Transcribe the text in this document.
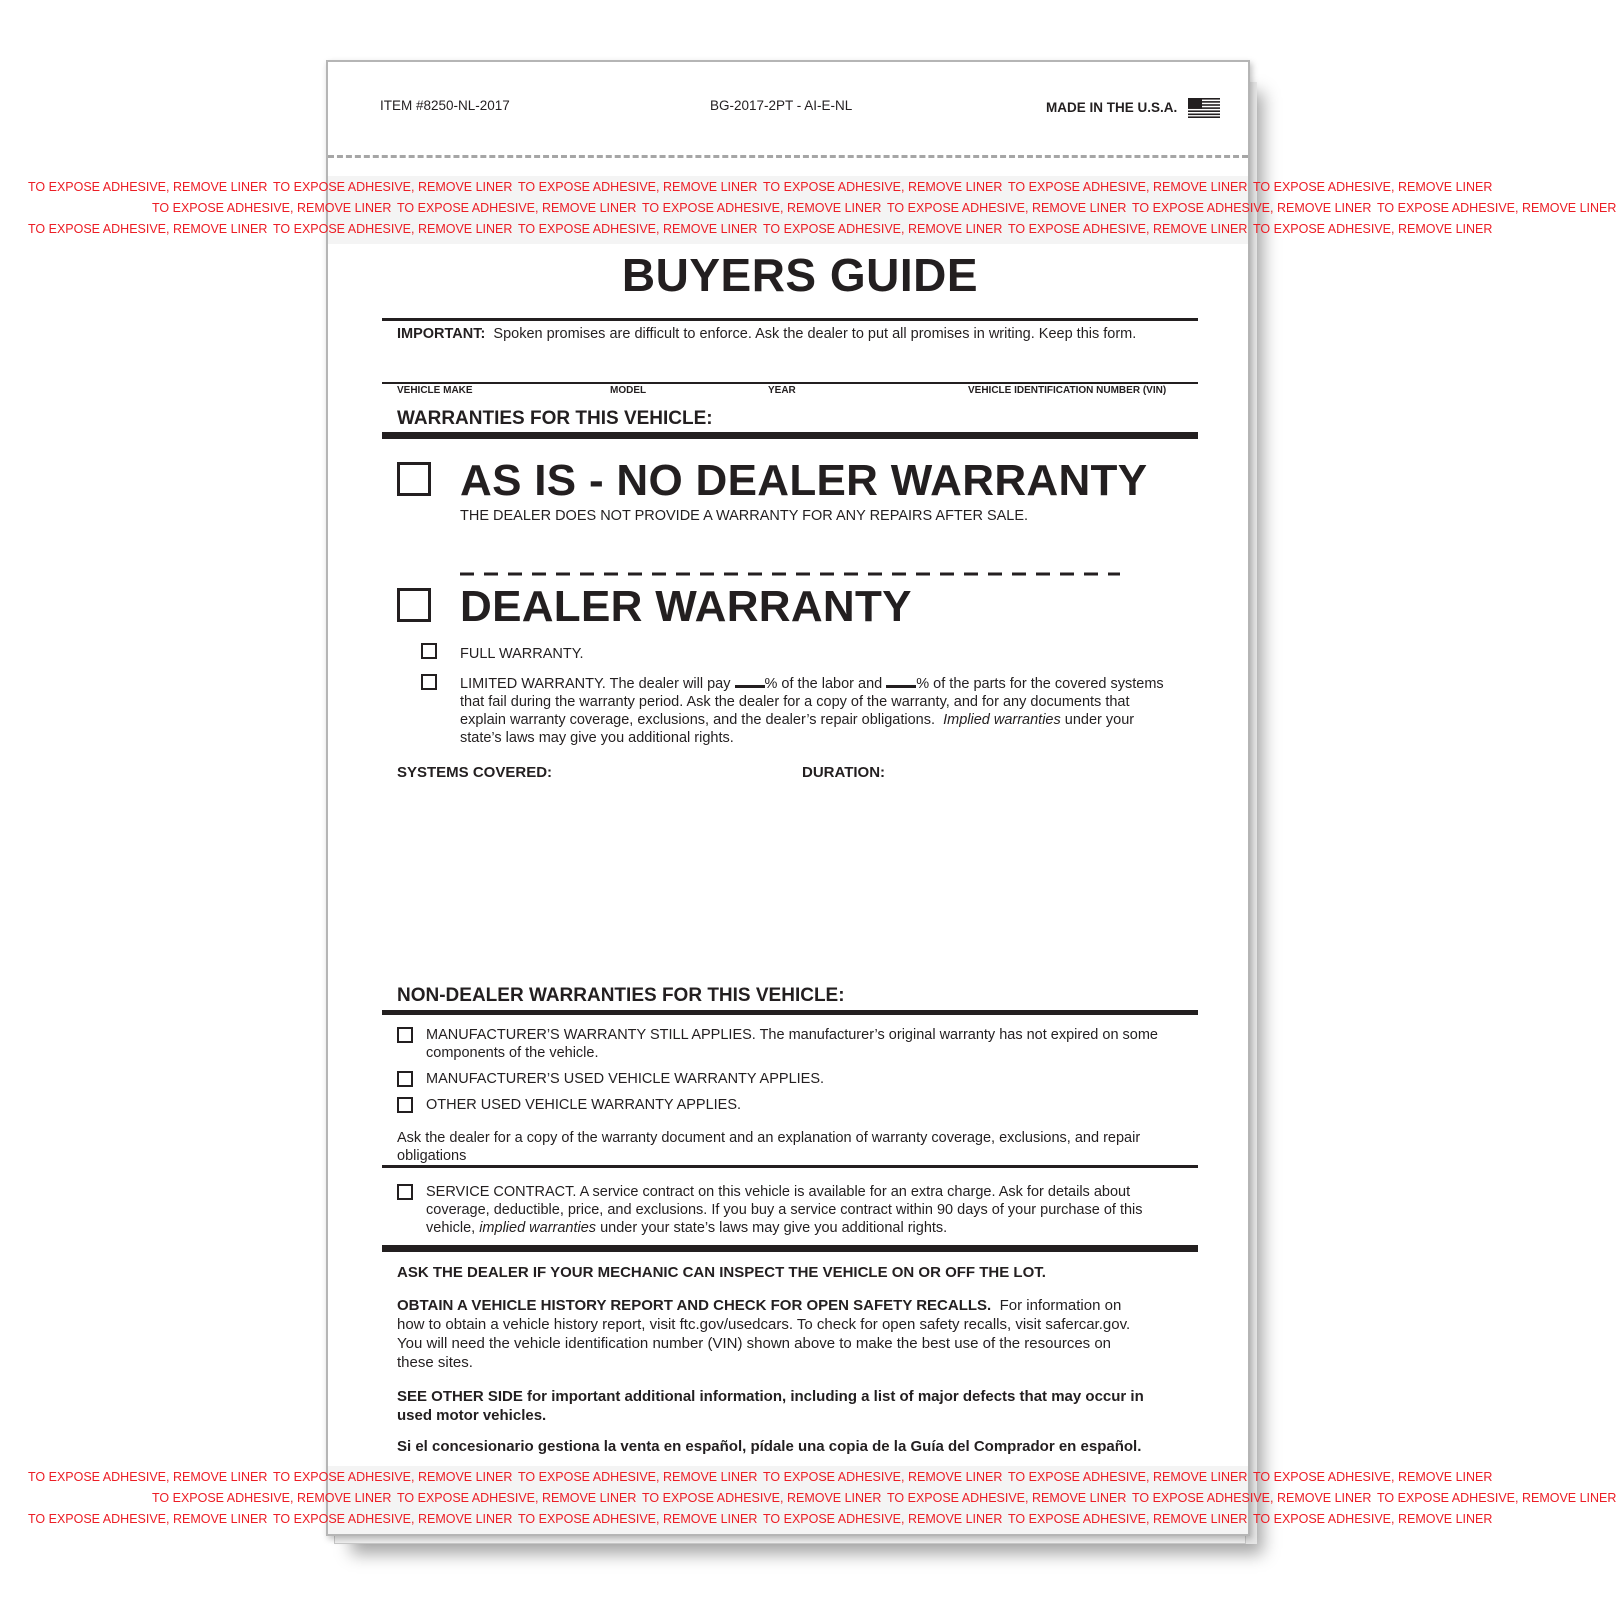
ITEM #8250-NL-2017	BG-2017-2PT - AI-E-NL	MADE IN THE U.S.A.
TO EXPOSE ADHESIVE, REMOVE LINER TO EXPOSE ADHESIVE, REMOVE LINER TO EXPOSE ADHESIVE, REMOVE LINER TO EXPOSE ADHESIVE, REMOVE LINER TO EXPOSE ADHESIVE, REMOVE LINER TO EXPOSE ADHESIVE, REMOVE LINER
TO EXPOSE ADHESIVE, REMOVE LINER TO EXPOSE ADHESIVE, REMOVE LINER TO EXPOSE ADHESIVE, REMOVE LINER TO EXPOSE ADHESIVE, REMOVE LINER TO EXPOSE ADHESIVE, REMOVE LINER TO EXPOSE ADHESIVE, REMOVE LINER
TO EXPOSE ADHESIVE, REMOVE LINER TO EXPOSE ADHESIVE, REMOVE LINER TO EXPOSE ADHESIVE, REMOVE LINER TO EXPOSE ADHESIVE, REMOVE LINER TO EXPOSE ADHESIVE, REMOVE LINER TO EXPOSE ADHESIVE, REMOVE LINER
BUYERS GUIDE
IMPORTANT: Spoken promises are difficult to enforce. Ask the dealer to put all promises in writing. Keep this form.
VEHICLE MAKE	MODEL	YEAR	VEHICLE IDENTIFICATION NUMBER (VIN)
WARRANTIES FOR THIS VEHICLE:
AS IS - NO DEALER WARRANTY
THE DEALER DOES NOT PROVIDE A WARRANTY FOR ANY REPAIRS AFTER SALE.
DEALER WARRANTY
FULL WARRANTY.
LIMITED WARRANTY. The dealer will pay % of the labor and % of the parts for the covered systems
that fail during the warranty period. Ask the dealer for a copy of the warranty, and for any documents that
explain warranty coverage, exclusions, and the dealer’s repair obligations. Implied warranties under your
state’s laws may give you additional rights.
SYSTEMS COVERED:	DURATION:
NON-DEALER WARRANTIES FOR THIS VEHICLE:
MANUFACTURER’S WARRANTY STILL APPLIES. The manufacturer’s original warranty has not expired on some
components of the vehicle.
MANUFACTURER’S USED VEHICLE WARRANTY APPLIES.
OTHER USED VEHICLE WARRANTY APPLIES.
Ask the dealer for a copy of the warranty document and an explanation of warranty coverage, exclusions, and repair
obligations
SERVICE CONTRACT. A service contract on this vehicle is available for an extra charge. Ask for details about
coverage, deductible, price, and exclusions. If you buy a service contract within 90 days of your purchase of this
vehicle, implied warranties under your state’s laws may give you additional rights.
ASK THE DEALER IF YOUR MECHANIC CAN INSPECT THE VEHICLE ON OR OFF THE LOT.
OBTAIN A VEHICLE HISTORY REPORT AND CHECK FOR OPEN SAFETY RECALLS. For information on
how to obtain a vehicle history report, visit ftc.gov/usedcars. To check for open safety recalls, visit safercar.gov.
You will need the vehicle identification number (VIN) shown above to make the best use of the resources on
these sites.
SEE OTHER SIDE for important additional information, including a list of major defects that may occur in
used motor vehicles.
Si el concesionario gestiona la venta en español, pídale una copia de la Guía del Comprador en español.
TO EXPOSE ADHESIVE, REMOVE LINER TO EXPOSE ADHESIVE, REMOVE LINER TO EXPOSE ADHESIVE, REMOVE LINER TO EXPOSE ADHESIVE, REMOVE LINER TO EXPOSE ADHESIVE, REMOVE LINER TO EXPOSE ADHESIVE, REMOVE LINER
TO EXPOSE ADHESIVE, REMOVE LINER TO EXPOSE ADHESIVE, REMOVE LINER TO EXPOSE ADHESIVE, REMOVE LINER TO EXPOSE ADHESIVE, REMOVE LINER TO EXPOSE ADHESIVE, REMOVE LINER TO EXPOSE ADHESIVE, REMOVE LINER
TO EXPOSE ADHESIVE, REMOVE LINER TO EXPOSE ADHESIVE, REMOVE LINER TO EXPOSE ADHESIVE, REMOVE LINER TO EXPOSE ADHESIVE, REMOVE LINER TO EXPOSE ADHESIVE, REMOVE LINER TO EXPOSE ADHESIVE, REMOVE LINER
